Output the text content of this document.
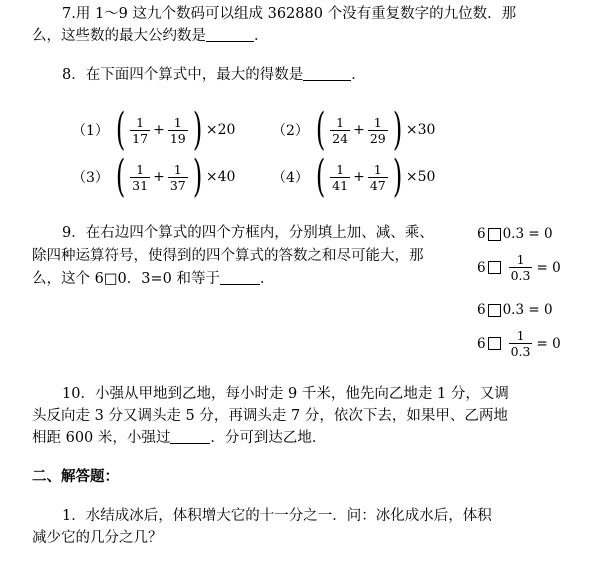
7.用 1～9 这九个数码可以组成 362880 个没有重复数字的九位数．那
么，这些数的最大公约数是	．
8．在下面四个算式中，最大的得数是	．
（1） ( $\frac{1}{17} + \frac{1}{19}$ ) ×20	（2） ( $\frac{1}{24} + \frac{1}{29}$ ) ×30
（3） ( $\frac{1}{31} + \frac{1}{37}$ ) ×40	（4） ( $\frac{1}{41} + \frac{1}{47}$ ) ×50
9．在右边四个算式的四个方框内，分别填上加、减、乘、
除四种运算符号，使得到的四个算式的答数之和尽可能大，那
么，这个 6□0．3=0 和等于	．
6 0.3
= 0
$6 \frac{1}{0.3} = 0$
6 0.3
= 0
$6 \frac{1}{0.3} = 0$
10．小强从甲地到乙地，每小时走 9 千米，他先向乙地走 1 分，又调
头反向走 3 分又调头走 5 分，再调头走 7 分，依次下去，如果甲、乙两地
相距 600 米，小强过	．分可到达乙地．
二、解答题：
1．水结成冰后，体积增大它的十一分之一．问：冰化成水后，体积
减少它的几分之几？
